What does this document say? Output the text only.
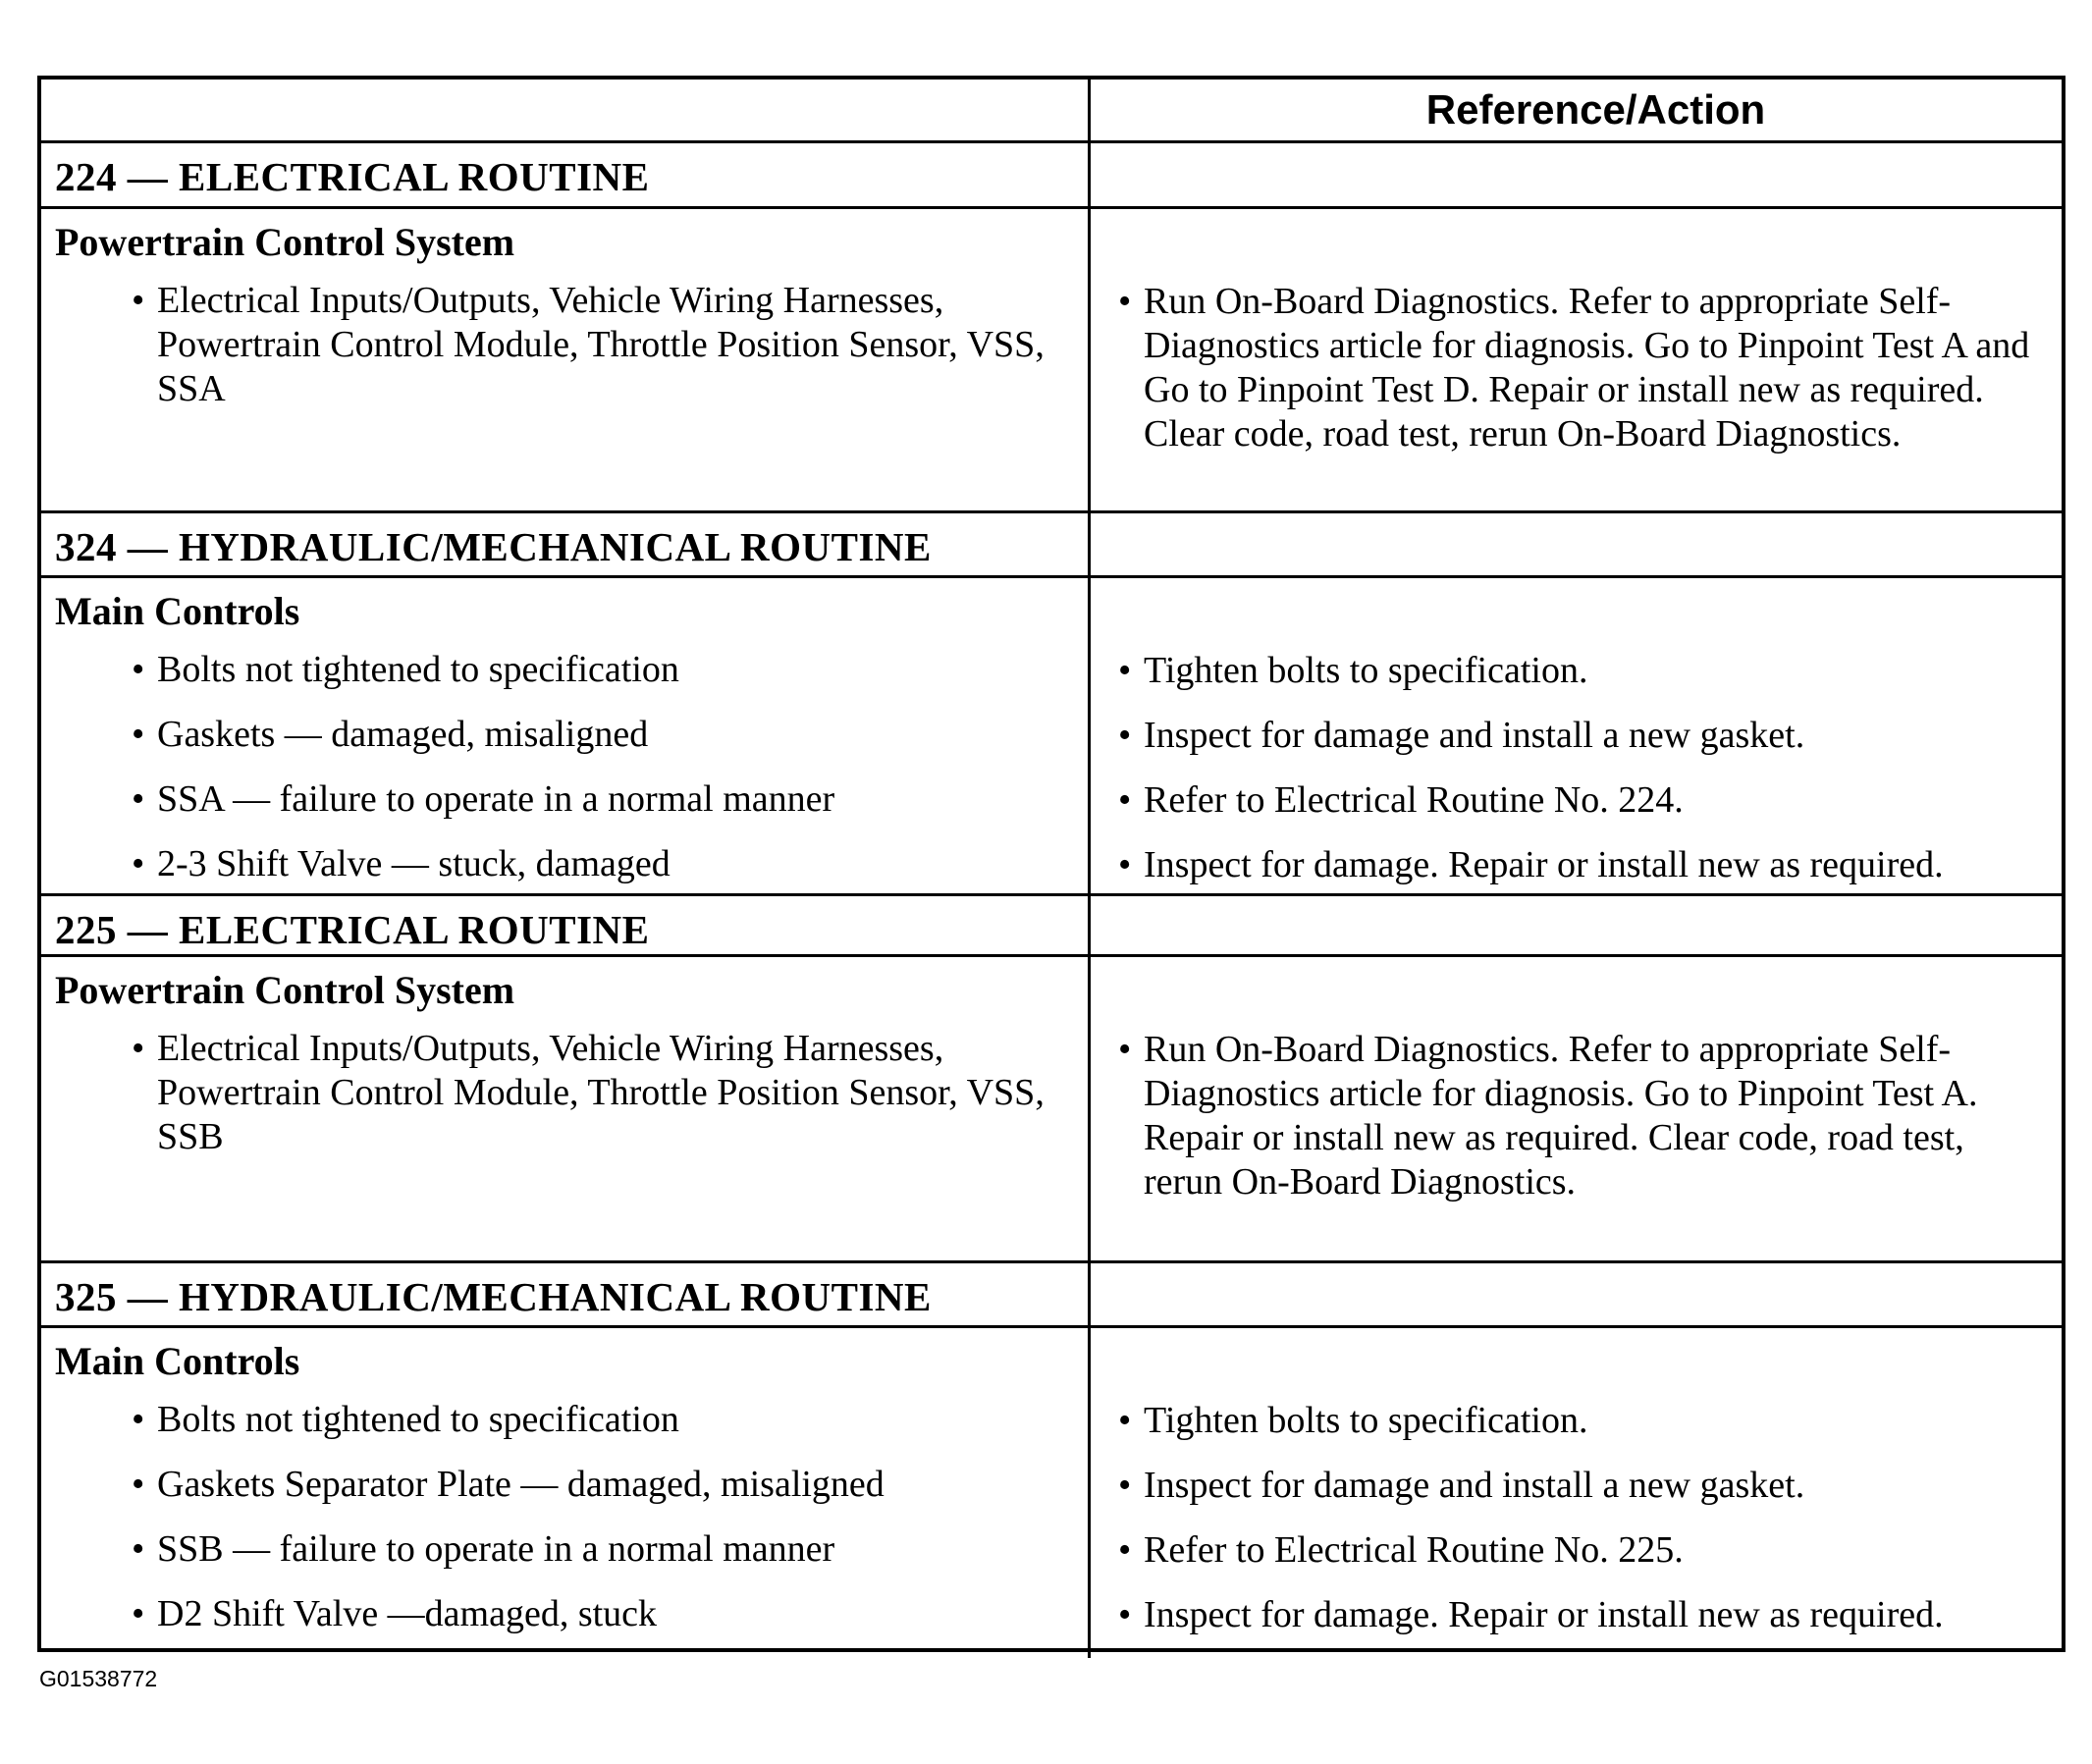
Reference/Action
224 — ELECTRICAL ROUTINE
Powertrain Control System
• Electrical Inputs/Outputs, Vehicle Wiring Harnesses, Powertrain Control Module, Throttle Position Sensor, VSS, SSA
• Run On-Board Diagnostics. Refer to appropriate Self-Diagnostics article for diagnosis. Go to Pinpoint Test A and Go to Pinpoint Test D. Repair or install new as required. Clear code, road test, rerun On-Board Diagnostics.
324 — HYDRAULIC/MECHANICAL ROUTINE
Main Controls
• Bolts not tightened to specification
• Gaskets — damaged, misaligned
• SSA — failure to operate in a normal manner
• 2-3 Shift Valve — stuck, damaged
• Tighten bolts to specification.
• Inspect for damage and install a new gasket.
• Refer to Electrical Routine No. 224.
• Inspect for damage. Repair or install new as required.
225 — ELECTRICAL ROUTINE
Powertrain Control System
• Electrical Inputs/Outputs, Vehicle Wiring Harnesses, Powertrain Control Module, Throttle Position Sensor, VSS, SSB
• Run On-Board Diagnostics. Refer to appropriate Self-Diagnostics article for diagnosis. Go to Pinpoint Test A. Repair or install new as required. Clear code, road test, rerun On-Board Diagnostics.
325 — HYDRAULIC/MECHANICAL ROUTINE
Main Controls
• Bolts not tightened to specification
• Gaskets Separator Plate — damaged, misaligned
• SSB — failure to operate in a normal manner
• D2 Shift Valve —damaged, stuck
• Tighten bolts to specification.
• Inspect for damage and install a new gasket.
• Refer to Electrical Routine No. 225.
• Inspect for damage. Repair or install new as required.
G01538772
